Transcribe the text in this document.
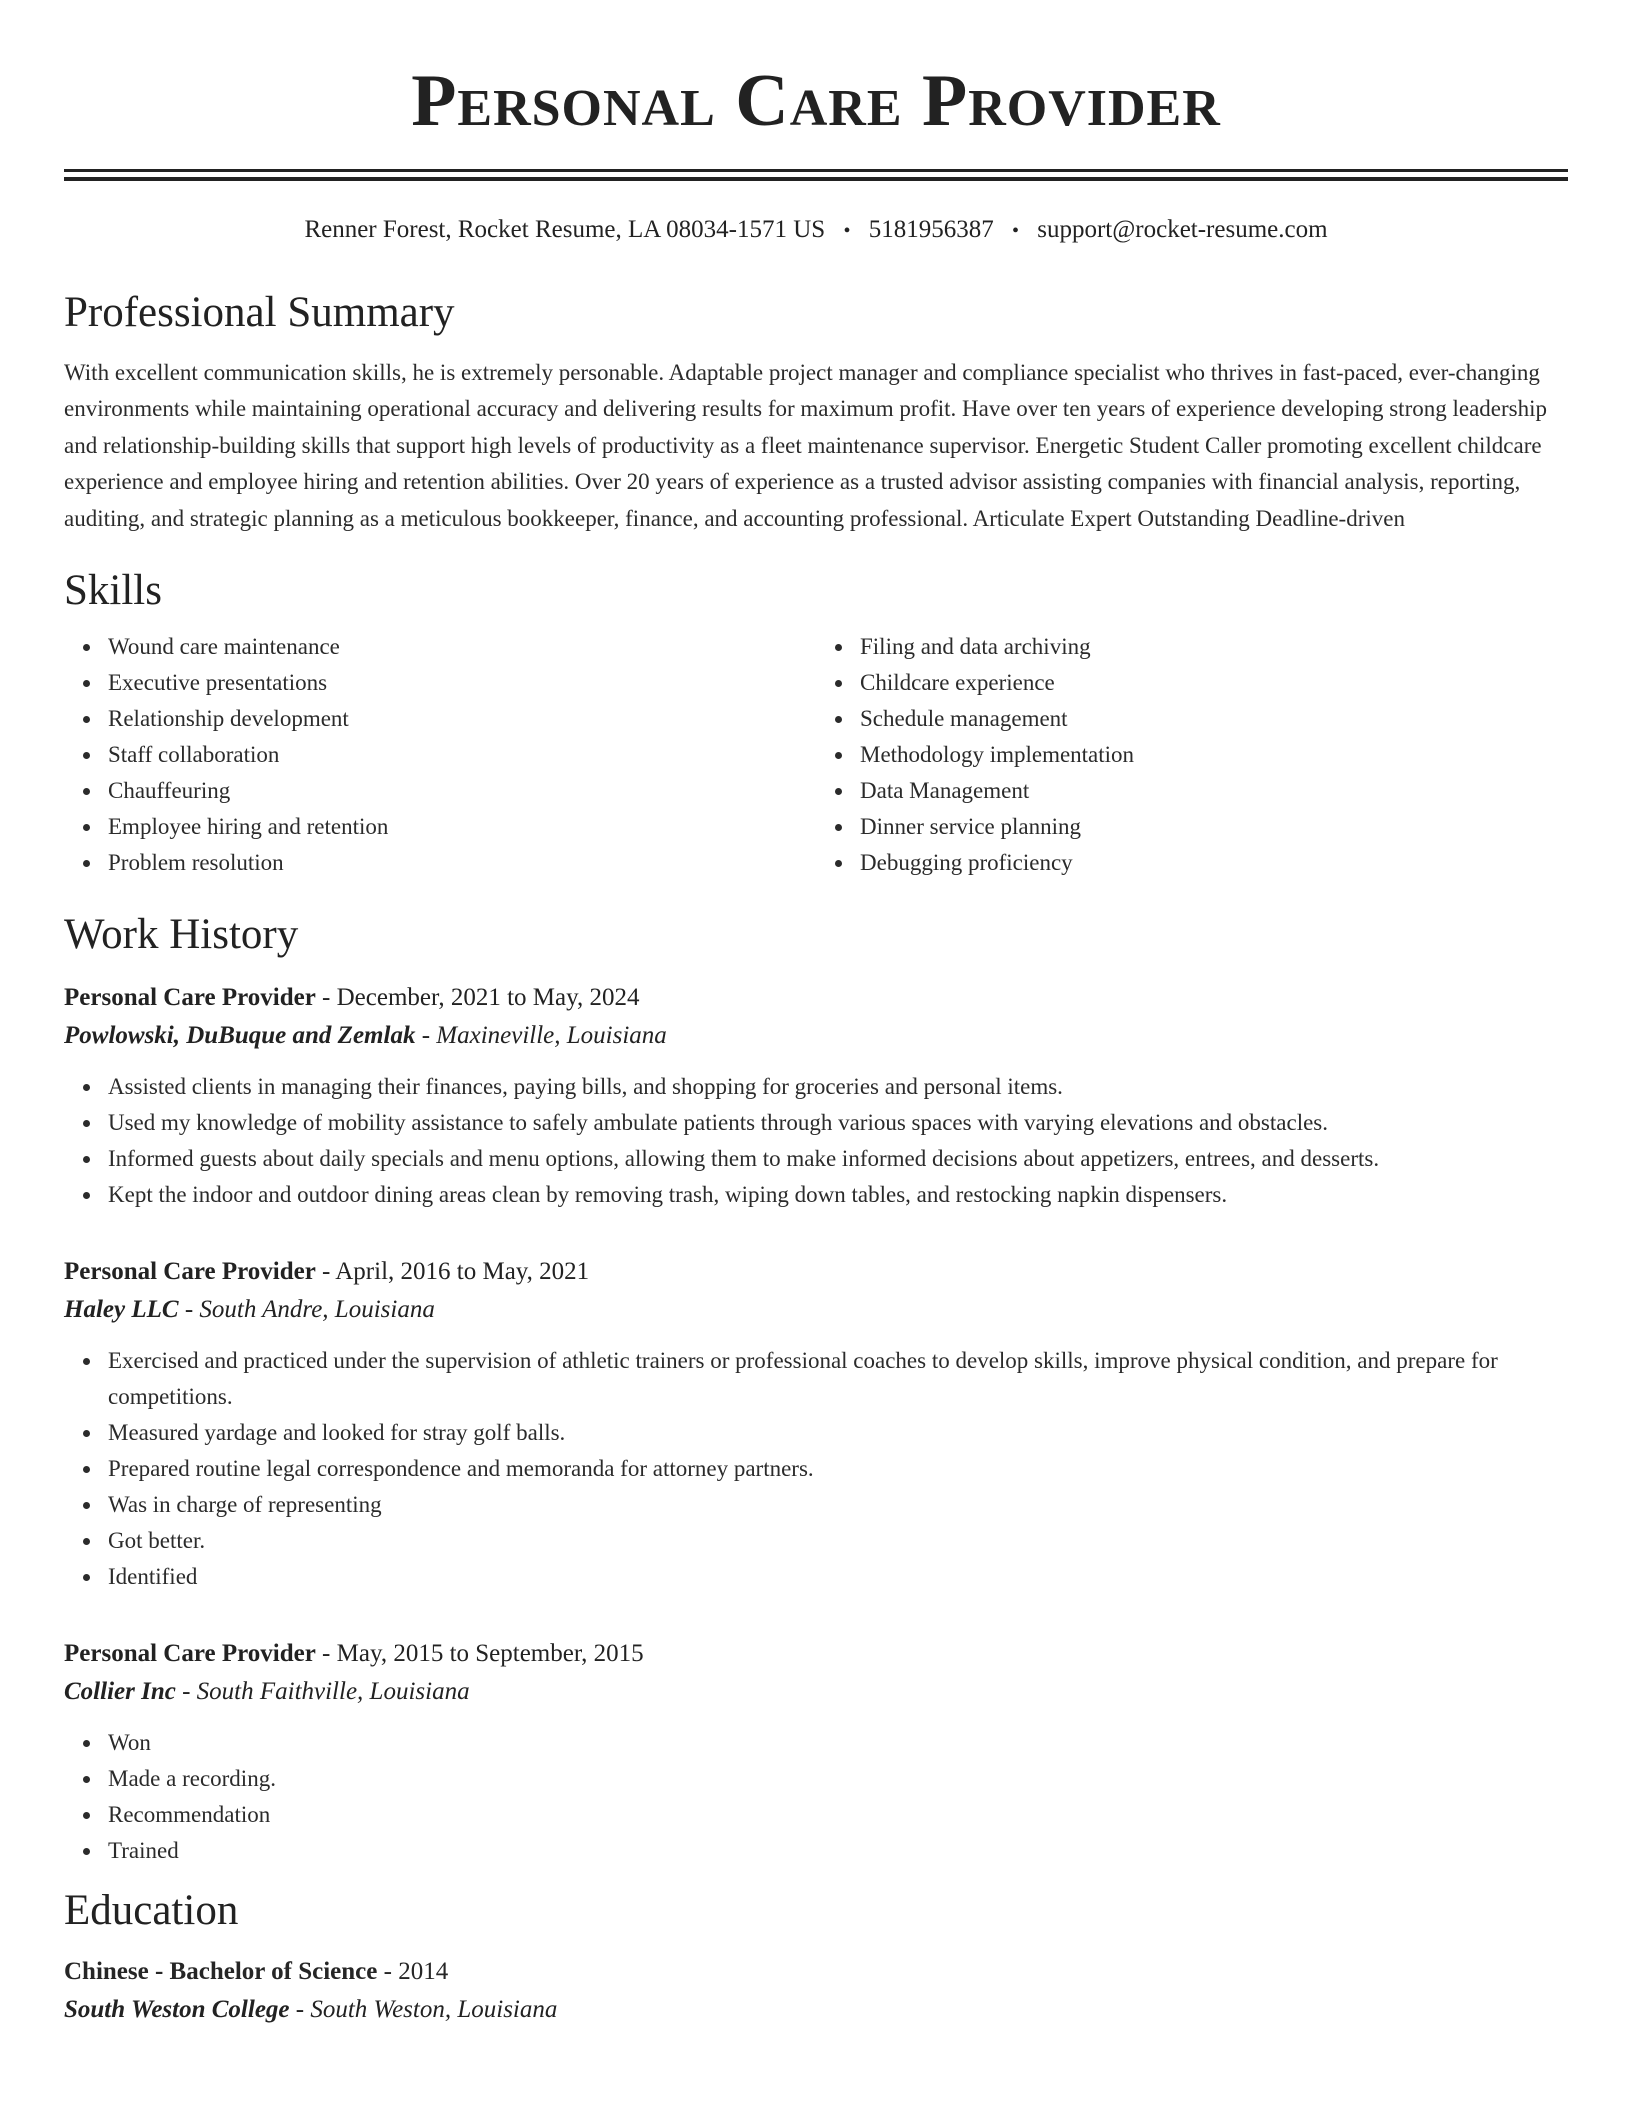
Personal Care Provider
Renner Forest, Rocket Resume, LA 08034-1571 US • 5181956387 • support@rocket-resume.com
Professional Summary

With excellent communication skills, he is extremely personable. Adaptable project manager and compliance specialist who thrives in fast-paced, ever-changing environments while maintaining operational accuracy and delivering results for maximum profit. Have over ten years of experience developing strong leadership and relationship-building skills that support high levels of productivity as a fleet maintenance supervisor. Energetic Student Caller promoting excellent childcare experience and employee hiring and retention abilities. Over 20 years of experience as a trusted advisor assisting companies with financial analysis, reporting, auditing, and strategic planning as a meticulous bookkeeper, finance, and accounting professional. Articulate Expert Outstanding Deadline-driven

Skills
Wound care maintenance
Executive presentations
Relationship development
Staff collaboration
Chauffeuring
Employee hiring and retention
Problem resolution
Filing and data archiving
Childcare experience
Schedule management
Methodology implementation
Data Management
Dinner service planning
Debugging proficiency
Work History
Personal Care Provider - December, 2021 to May, 2024
Powlowski, DuBuque and Zemlak - Maxineville, Louisiana
Assisted clients in managing their finances, paying bills, and shopping for groceries and personal items.
Used my knowledge of mobility assistance to safely ambulate patients through various spaces with varying elevations and obstacles.
Informed guests about daily specials and menu options, allowing them to make informed decisions about appetizers, entrees, and desserts.
Kept the indoor and outdoor dining areas clean by removing trash, wiping down tables, and restocking napkin dispensers.
Personal Care Provider - April, 2016 to May, 2021
Haley LLC - South Andre, Louisiana
Exercised and practiced under the supervision of athletic trainers or professional coaches to develop skills, improve physical condition, and prepare for competitions.
Measured yardage and looked for stray golf balls.
Prepared routine legal correspondence and memoranda for attorney partners.
Was in charge of representing
Got better.
Identified
Personal Care Provider - May, 2015 to September, 2015
Collier Inc - South Faithville, Louisiana
Won
Made a recording.
Recommendation
Trained
Education
Chinese - Bachelor of Science - 2014
South Weston College - South Weston, Louisiana
